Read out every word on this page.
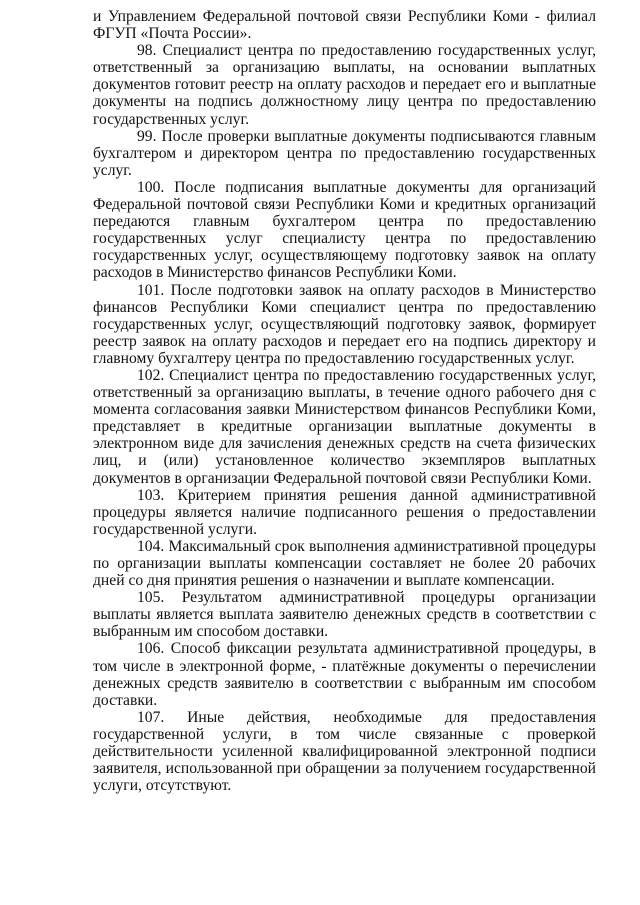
и Управлением Федеральной почтовой связи Республики Коми - филиал ФГУП «Почта России».

98. Специалист центра по предоставлению государственных услуг, ответственный за организацию выплаты, на основании выплатных документов готовит реестр на оплату расходов и передает его и выплатные документы на подпись должностному лицу центра по предоставлению государственных услуг.

99. После проверки выплатные документы подписываются главным бухгалтером и директором центра по предоставлению государственных услуг.

100. После подписания выплатные документы для организаций Федеральной почтовой связи Республики Коми и кредитных организаций передаются главным бухгалтером центра по предоставлению государственных услуг специалисту центра по предоставлению государственных услуг, осуществляющему подготовку заявок на оплату расходов в Министерство финансов Республики Коми.

101. После подготовки заявок на оплату расходов в Министерство финансов Республики Коми специалист центра по предоставлению государственных услуг, осуществляющий подготовку заявок, формирует реестр заявок на оплату расходов и передает его на подпись директору и главному бухгалтеру центра по предоставлению государственных услуг.

102. Специалист центра по предоставлению государственных услуг, ответственный за организацию выплаты, в течение одного рабочего дня с момента согласования заявки Министерством финансов Республики Коми, представляет в кредитные организации выплатные документы в электронном виде для зачисления денежных средств на счета физических лиц, и (или) установленное количество экземпляров выплатных документов в организации Федеральной почтовой связи Республики Коми.

103. Критерием принятия решения данной административной процедуры является наличие подписанного решения о предоставлении государственной услуги.

104. Максимальный срок выполнения административной процедуры по организации выплаты компенсации составляет не более 20 рабочих дней со дня принятия решения о назначении и выплате компенсации.

105. Результатом административной процедуры организации выплаты является выплата заявителю денежных средств в соответствии с выбранным им способом доставки.

106. Способ фиксации результата административной процедуры, в том числе в электронной форме, - платёжные документы о перечислении денежных средств заявителю в соответствии с выбранным им способом доставки.

107. Иные действия, необходимые для предоставления государственной услуги, в том числе связанные с проверкой действительности усиленной квалифицированной электронной подписи заявителя, использованной при обращении за получением государственной услуги, отсутствуют.
